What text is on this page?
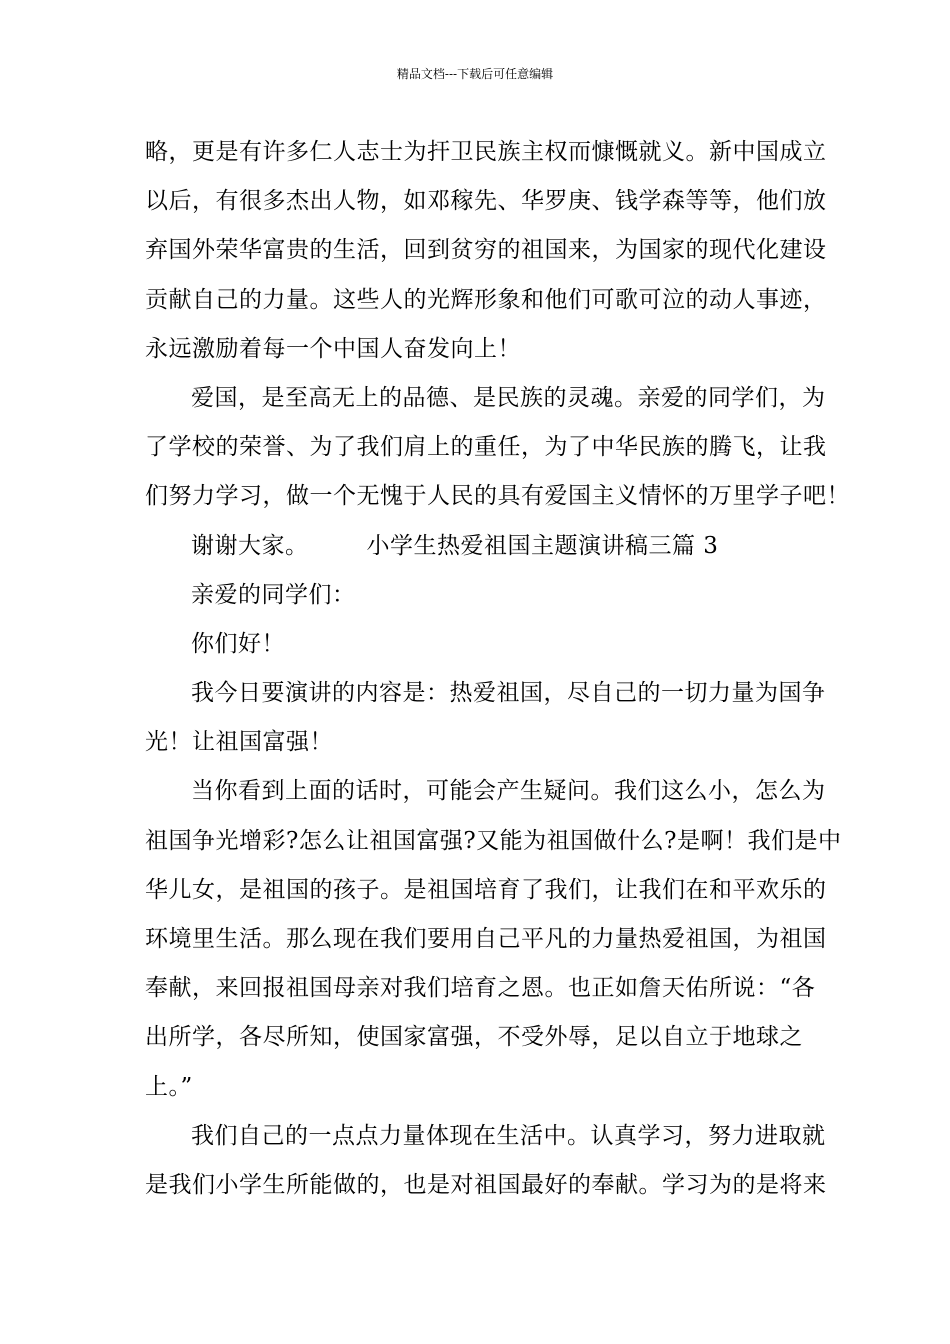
精品文档---下载后可任意编辑
略，更是有许多仁人志士为扞卫民族主权而慷慨就义。新中国成立
以后，有很多杰出人物，如邓稼先、华罗庚、钱学森等等，他们放
弃国外荣华富贵的生活，回到贫穷的祖国来，为国家的现代化建设
贡献自己的力量。这些人的光辉形象和他们可歌可泣的动人事迹，
永远激励着每一个中国人奋发向上！
爱国，是至高无上的品德、是民族的灵魂。亲爱的同学们，为
了学校的荣誉、为了我们肩上的重任，为了中华民族的腾飞，让我
们努力学习，做一个无愧于人民的具有爱国主义情怀的万里学子吧！
谢谢大家。	小学生热爱祖国主题演讲稿三篇 3
亲爱的同学们：
你们好！
我今日要演讲的内容是：热爱祖国，尽自己的一切力量为国争
光！让祖国富强！
当你看到上面的话时，可能会产生疑问。我们这么小，怎么为
祖国争光增彩?怎么让祖国富强?又能为祖国做什么?是啊！我们是中
华儿女，是祖国的孩子。是祖国培育了我们，让我们在和平欢乐的
环境里生活。那么现在我们要用自己平凡的力量热爱祖国，为祖国
奉献，来回报祖国母亲对我们培育之恩。也正如詹天佑所说：“各
出所学，各尽所知，使国家富强，不受外辱，足以自立于地球之
上。”
我们自己的一点点力量体现在生活中。认真学习，努力进取就
是我们小学生所能做的，也是对祖国最好的奉献。学习为的是将来
